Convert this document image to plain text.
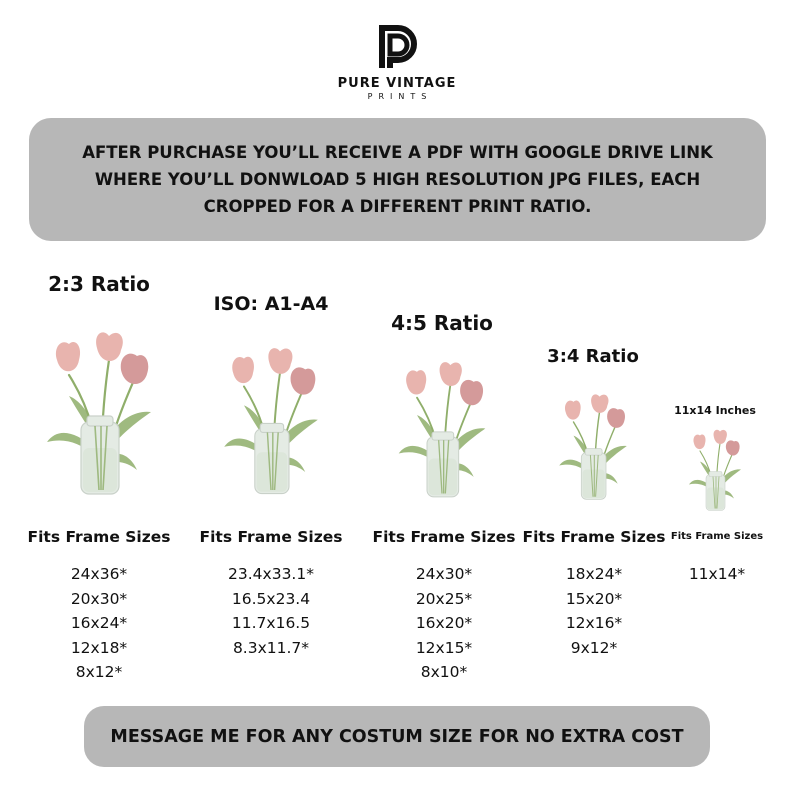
PURE VINTAGE
PRINTS
AFTER PURCHASE YOU’LL RECEIVE A PDF WITH GOOGLE DRIVE LINK
WHERE YOU’LL DONWLOAD 5 HIGH RESOLUTION JPG FILES, EACH
CROPPED FOR A DIFFERENT PRINT RATIO.
2:3 Ratio
Fits Frame Sizes
24x36*
20x30*
16x24*
12x18*
8x12*
ISO: A1-A4
Fits Frame Sizes
23.4x33.1*
16.5x23.4
11.7x16.5
8.3x11.7*
4:5 Ratio
Fits Frame Sizes
24x30*
20x25*
16x20*
12x15*
8x10*
3:4 Ratio
Fits Frame Sizes
18x24*
15x20*
12x16*
9x12*
11x14 Inches
Fits Frame Sizes
11x14*
MESSAGE ME FOR ANY COSTUM SIZE FOR NO EXTRA COST
